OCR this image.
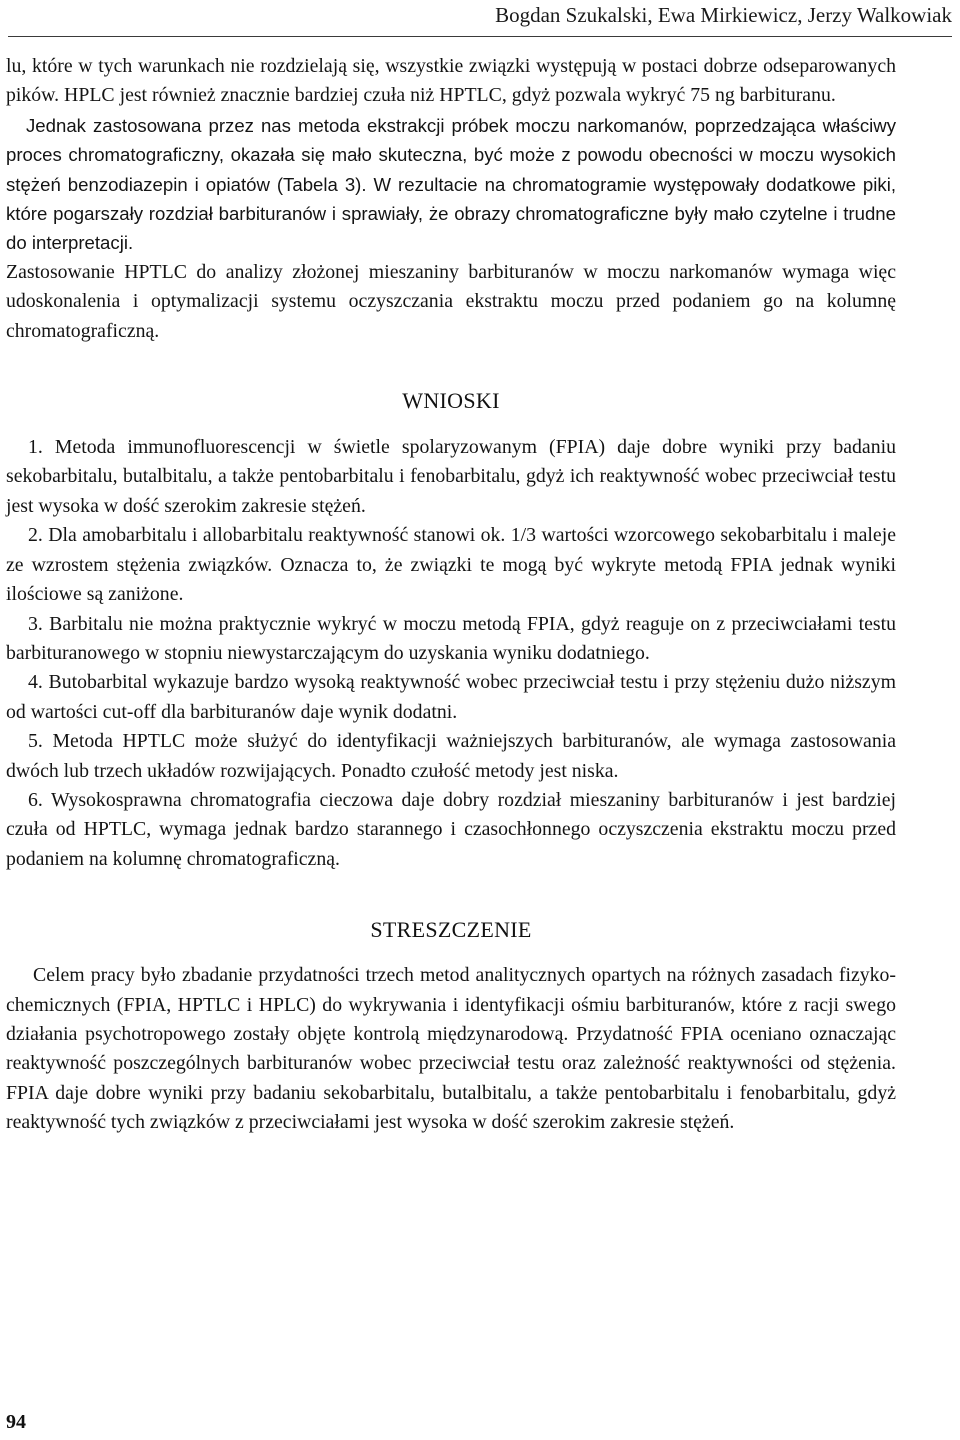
Bogdan Szukalski, Ewa Mirkiewicz, Jerzy Walkowiak

lu, które w tych warunkach nie rozdzielają się, wszystkie związki występują w postaci dobrze odseparowanych pików. HPLC jest również znacznie bardziej czuła niż HPTLC, gdyż pozwala wykryć 75 ng barbituranu.

Jednak zastosowana przez nas metoda ekstrakcji próbek moczu narkomanów, poprzedzająca właściwy proces chromatograficzny, okazała się mało skuteczna, być może z powodu obecności w moczu wysokich stężeń benzodiazepin i opiatów (Tabela 3). W rezultacie na chromatogramie występowały dodatkowe piki, które pogarszały rozdział barbituranów i sprawiały, że obrazy chromatograficzne były mało czytelne i trudne do interpretacji.

Zastosowanie HPTLC do analizy złożonej mieszaniny barbituranów w moczu narkomanów wymaga więc udoskonalenia i optymalizacji systemu oczyszczania ekstraktu moczu przed podaniem go na kolumnę chromatograficzną.

WNIOSKI

1. Metoda immunofluorescencji w świetle spolaryzowanym (FPIA) daje dobre wyniki przy badaniu sekobarbitalu, butalbitalu, a także pentobarbitalu i fenobarbitalu, gdyż ich reaktywność wobec przeciwciał testu jest wysoka w dość szerokim zakresie stężeń.

2. Dla amobarbitalu i allobarbitalu reaktywność stanowi ok. 1/3 wartości wzorcowego sekobarbitalu i maleje ze wzrostem stężenia związków. Oznacza to, że związki te mogą być wykryte metodą FPIA jednak wyniki ilościowe są zaniżone.

3. Barbitalu nie można praktycznie wykryć w moczu metodą FPIA, gdyż reaguje on z przeciwciałami testu barbituranowego w stopniu niewystarczającym do uzyskania wyniku dodatniego.

4. Butobarbital wykazuje bardzo wysoką reaktywność wobec przeciwciał testu i przy stężeniu dużo niższym od wartości cut-off dla barbituranów daje wynik dodatni.

5. Metoda HPTLC może służyć do identyfikacji ważniejszych barbituranów, ale wymaga zastosowania dwóch lub trzech układów rozwijających. Ponadto czułość metody jest niska.

6. Wysokosprawna chromatografia cieczowa daje dobry rozdział mieszaniny barbituranów i jest bardziej czuła od HPTLC, wymaga jednak bardzo starannego i czasochłonnego oczyszczenia ekstraktu moczu przed podaniem na kolumnę chromatograficzną.

STRESZCZENIE

Celem pracy było zbadanie przydatności trzech metod analitycznych opartych na różnych zasadach fizyko-chemicznych (FPIA, HPTLC i HPLC) do wykrywania i identyfikacji ośmiu barbituranów, które z racji swego działania psychotropowego zostały objęte kontrolą międzynarodową. Przydatność FPIA oceniano oznaczając reaktywność poszczególnych barbituranów wobec przeciwciał testu oraz zależność reaktywności od stężenia. FPIA daje dobre wyniki przy badaniu sekobarbitalu, butalbitalu, a także pentobarbitalu i fenobarbitalu, gdyż reaktywność tych związków z przeciwciałami jest wysoka w dość szerokim zakresie stężeń.

94
